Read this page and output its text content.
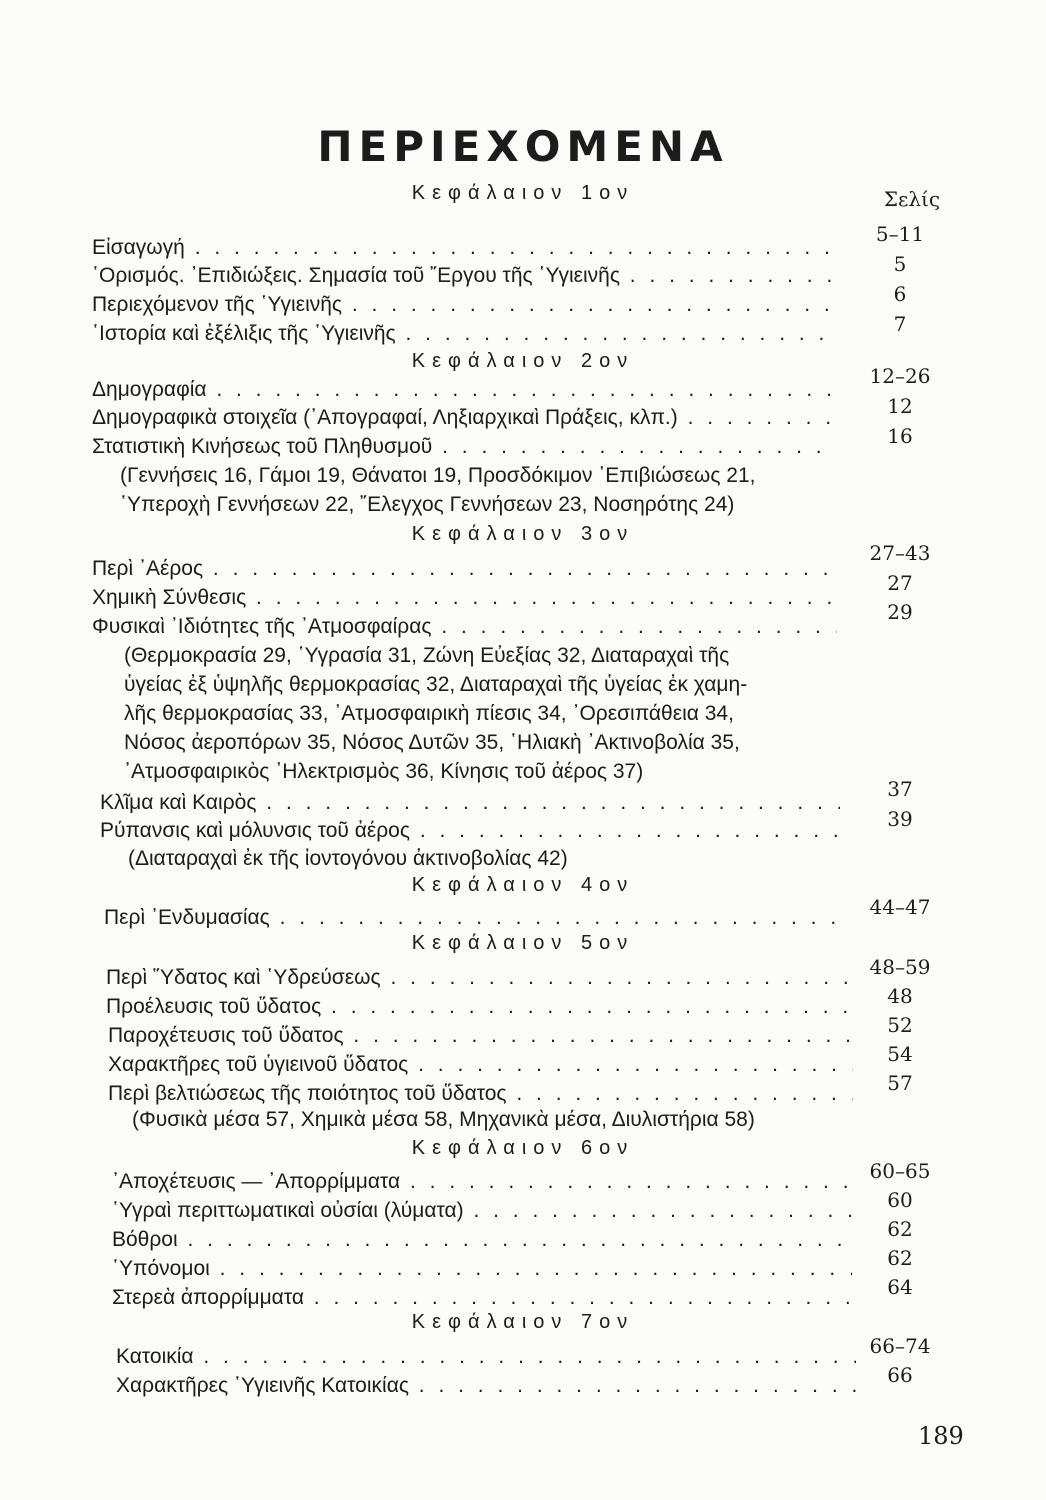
ΠΕΡΙΕΧΟΜΕΝΑ
Σελίς
Κεφάλαιον 1ον
Κεφάλαιον 2ον
Κεφάλαιον 3ον
Κεφάλαιον 4ον
Κεφάλαιον 5ον
Κεφάλαιον 6ον
Κεφάλαιον 7ον
Εἰσαγωγή . . .
῾Ορισμός. ᾿Επιδιώξεις. Σημασία τοῦ ῎Εργου τῆς ῾Υγιεινῆς . . .
Περιεχόμενον τῆς ῾Υγιεινῆς . . .
῾Ιστορία καὶ ἐξέλιξις τῆς ῾Υγιεινῆς . . .
Δημογραφία . . .
Δημογραφικὰ στοιχεῖα (᾿Απογραφαί, Ληξιαρχικαὶ Πράξεις, κλπ.) . . .
Στατιστικὴ Κινήσεως τοῦ Πληθυσμοῦ . . .
(Γεννήσεις 16, Γάμοι 19, Θάνατοι 19, Προσδόκιμον ᾿Επιβιώσεως 21,
῾Υπεροχὴ Γεννήσεων 22, ῎Ελεγχος Γεννήσεων 23, Νοσηρότης 24)
Περὶ ᾿Αέρος . . .
Χημικὴ Σύνθεσις . . .
Φυσικαὶ ᾿Ιδιότητες τῆς ᾿Ατμοσφαίρας . . .
(Θερμοκρασία 29, ῾Υγρασία 31, Ζώνη Εὐεξίας 32, Διαταραχαὶ τῆς
ὑγείας ἐξ ὑψηλῆς θερμοκρασίας 32, Διαταραχαὶ τῆς ὑγείας ἐκ χαμη-
λῆς θερμοκρασίας 33, ᾿Ατμοσφαιρικὴ πίεσις 34, ᾿Ορεσιπάθεια 34,
Νόσος ἀεροπόρων 35, Νόσος Δυτῶν 35, ῾Ηλιακὴ ᾿Ακτινοβολία 35,
᾿Ατμοσφαιρικὸς ᾿Ηλεκτρισμὸς 36, Κίνησις τοῦ ἀέρος 37)
Κλῖμα καὶ Καιρὸς . . .
Ρύπανσις καὶ μόλυνσις τοῦ ἀέρος . . .
(Διαταραχαὶ ἐκ τῆς ἰοντογόνου ἀκτινοβολίας 42)
Περὶ ᾿Ενδυμασίας . . .
Περὶ ῞Υδατος καὶ ῾Υδρεύσεως . . .
Προέλευσις τοῦ ὕδατος . . .
Παροχέτευσις τοῦ ὕδατος . . .
Χαρακτῆρες τοῦ ὑγιεινοῦ ὕδατος . . .
Περὶ βελτιώσεως τῆς ποιότητος τοῦ ὕδατος . . .
(Φυσικὰ μέσα 57, Χημικὰ μέσα 58, Μηχανικὰ μέσα, Διυλιστήρια 58)
᾿Αποχέτευσις — ᾿Απορρίμματα . . .
῾Υγραὶ περιττωματικαὶ οὐσίαι (λύματα) . . .
Βόθροι . . .
῾Υπόνομοι . . .
Στερεὰ ἀπορρίμματα . . .
Κατοικία . . .
Χαρακτῆρες ῾Υγιεινῆς Κατοικίας . . .
5–11
5
6
7
12–26
12
16
27–43
27
29
37
39
44–47
48–59
48
52
54
57
60–65
60
62
62
64
66–74
66
189
